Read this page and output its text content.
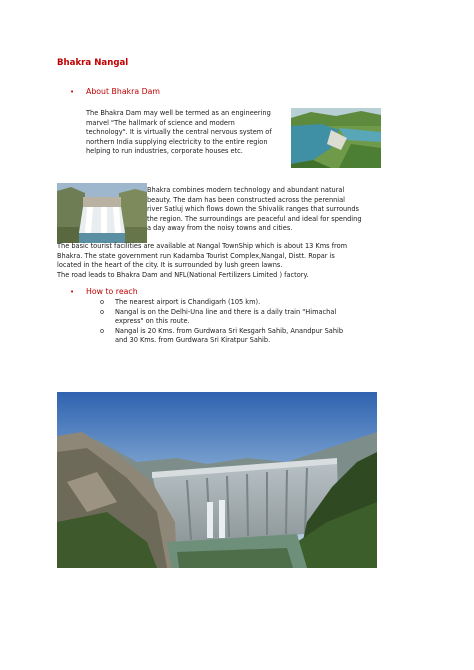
Bhakra Nangal
•	About Bhakra Dam
The Bhakra Dam may well be termed as an engineering
marvel "The hallmark of science and modern
technology". It is virtually the central nervous system of
northern India supplying electricity to the entire region
helping to run industries, corporate houses etc.
Bhakra combines modern technology and abundant natural
beauty. The dam has been constructed across the perennial
river Satluj which flows down the Shivalik ranges that surrounds
the region. The surroundings are peaceful and ideal for spending
a day away from the noisy towns and cities.
The basic tourist facilities are available at Nangal TownShip which is about 13 Kms from
Bhakra. The state government run Kadamba Tourist Complex,Nangal, Distt. Ropar is
located in the heart of the city. It is surrounded by lush green lawns.
The road leads to Bhakra Dam and NFL(National Fertilizers Limited ) factory.
•	How to reach
o	The nearest airport is Chandigarh (105 km).
o	Nangal is on the Delhi-Una line and there is a daily train "Himachal
express" on this route.
o	Nangal is 20 Kms. from Gurdwara Sri Kesgarh Sahib, Anandpur Sahib
and 30 Kms. from Gurdwara Sri Kiratpur Sahib.
